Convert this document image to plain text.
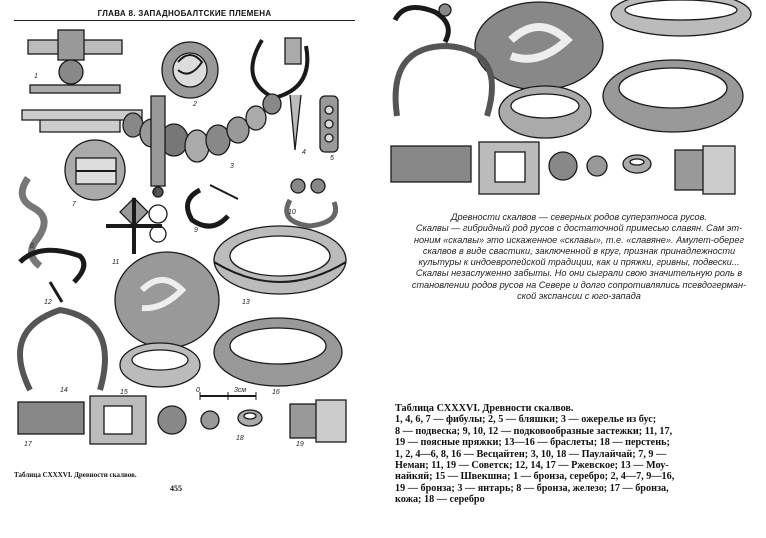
ГЛАВА 8. ЗАПАДНОБАЛТСКИЕ ПЛЕМЕНА
1
2
3
4
5
6
7
8
9
10
11
12	13
14	15	16
17
18
19
0	3см
Таблица CXXXVI. Древности скалвов.
455

Древности скалвов — северных родов суперэтноса русов.

Скалвы — гибридный род русов с достаточной примесью славян. Сам эт-

ноним «скалвы» это искаженное «склавы», т.е. «славяне». Амулет-оберег

скалвов в виде свастики, заключенной в круг, признак принадлежности

культуры к индоевропейской традиции, как и пряжки, гривны, подвески...

Скалвы незаслуженно забыты. Но они сыграли свою значительную роль в

становлении родов русов на Севере и долго сопротивлялись псевдогерман-

ской экспансии с юго-запада

Таблица CXXXVI. Древности скалвов.

1, 4, 6, 7 — фибулы; 2, 5 — бляшки; 3 — ожерелье из бус;

8 — подвеска; 9, 10, 12 — подковообразные застежки; 11, 17,

19 — поясные пряжки; 13—16 — браслеты; 18 — перстень;

1, 2, 4—6, 8, 16 — Весцайтен; 3, 10, 18 — Паулайчай; 7, 9 —

Неман; 11, 19 — Советск; 12, 14, 17 — Ржевское; 13 — Моу-

найкяй; 15 — Швекшна; 1 — бронза, серебро; 2, 4—7, 9—16,

19 — бронза; 3 — янтарь; 8 — бронза, железо; 17 — бронза,

кожа; 18 — серебро
